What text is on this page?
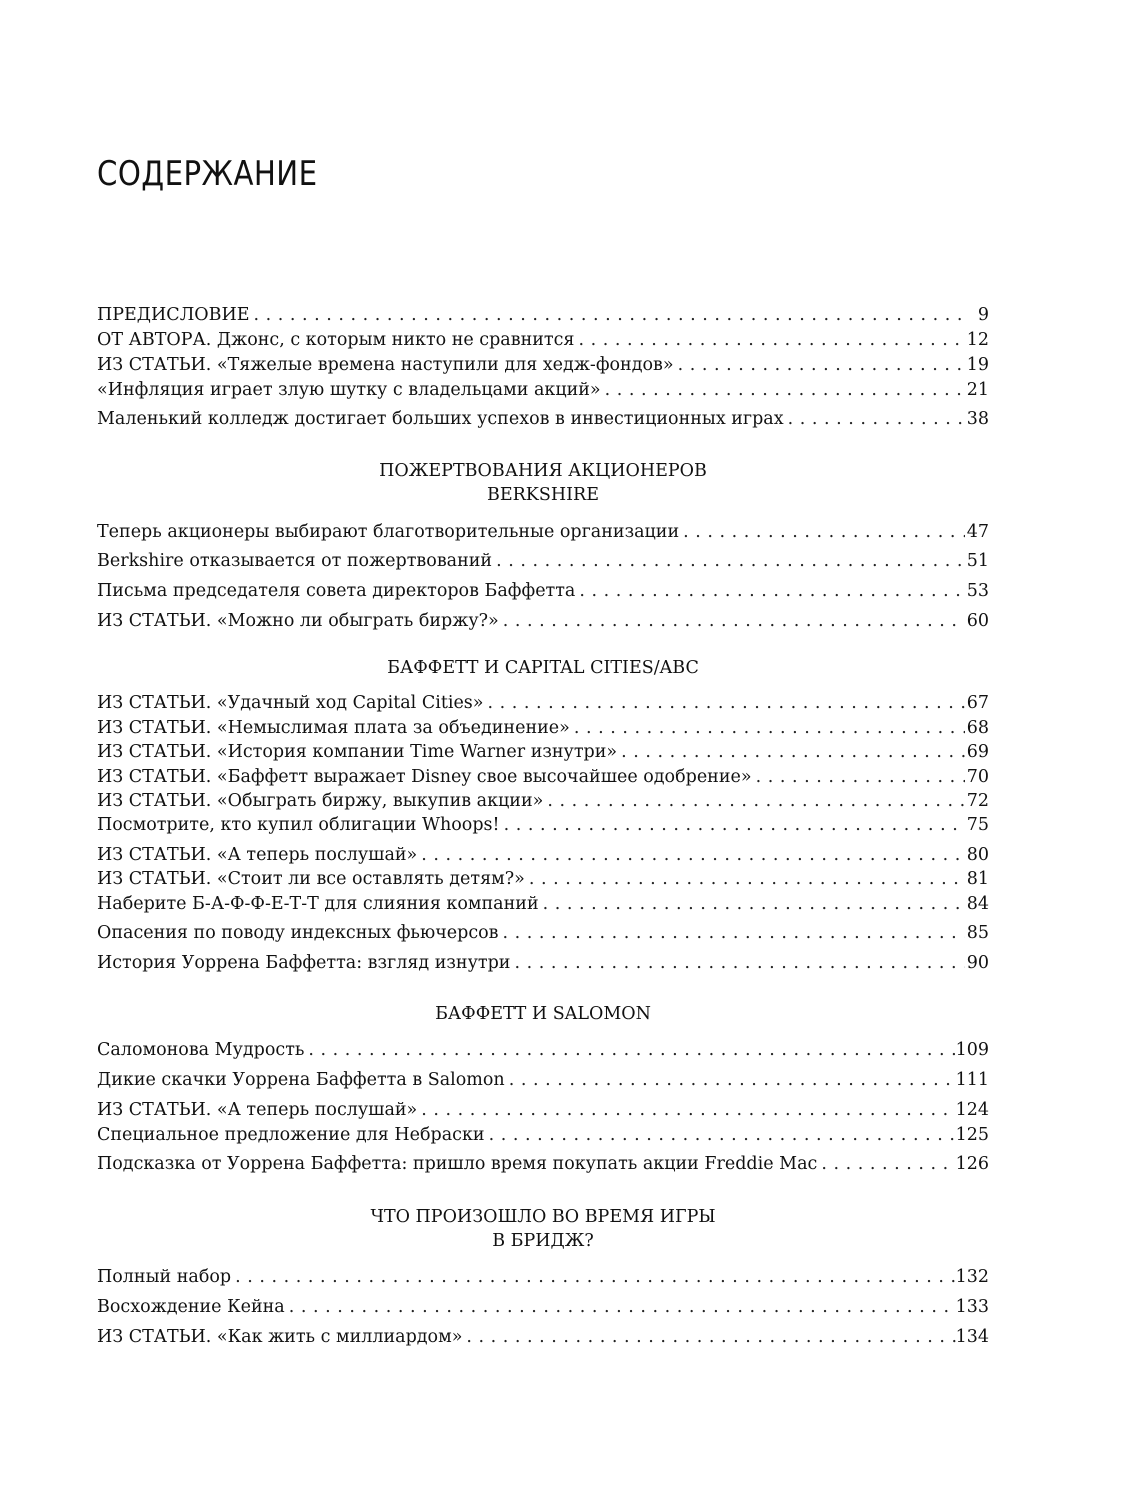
СОДЕРЖАНИЕ
ПРЕДИСЛОВИЕ . . .	9
ОТ АВТОРА. Джонс, с которым никто не сравнится . . .	12
ИЗ СТАТЬИ. «Тяжелые времена наступили для хедж-фондов» . . .	19
«Инфляция играет злую шутку с владельцами акций» . . .	21
Маленький колледж достигает больших успехов в инвестиционных играх . . .	38
ПОЖЕРТВОВАНИЯ АКЦИОНЕРОВ
BERKSHIRE
Теперь акционеры выбирают благотворительные организации . . .	47
Berkshire отказывается от пожертвований . . .	51
Письма председателя совета директоров Баффетта . . .	53
ИЗ СТАТЬИ. «Можно ли обыграть биржу?» . . .	60
БАФФЕТТ И CAPITAL CITIES/ABC
ИЗ СТАТЬИ. «Удачный ход Capital Cities» . . .	67
ИЗ СТАТЬИ. «Немыслимая плата за объединение» . . .	68
ИЗ СТАТЬИ. «История компании Time Warner изнутри» . . .	69
ИЗ СТАТЬИ. «Баффетт выражает Disney свое высочайшее одобрение» . . .	70
ИЗ СТАТЬИ. «Обыграть биржу, выкупив акции» . . .	72
Посмотрите, кто купил облигации Whoops! . . .	75
ИЗ СТАТЬИ. «А теперь послушай» . . .	80
ИЗ СТАТЬИ. «Стоит ли все оставлять детям?» . . .	81
Наберите Б-А-Ф-Ф-Е-Т-Т для слияния компаний . . .	84
Опасения по поводу индексных фьючерсов . . .	85
История Уоррена Баффетта: взгляд изнутри . . .	90
БАФФЕТТ И SALOMON
Саломонова Мудрость . . .	109
Дикие скачки Уоррена Баффетта в Salomon . . .	111
ИЗ СТАТЬИ. «А теперь послушай» . . .	124
Специальное предложение для Небраски . . .	125
Подсказка от Уоррена Баффетта: пришло время покупать акции Freddie Mac . . .	126
ЧТО ПРОИЗОШЛО ВО ВРЕМЯ ИГРЫ
В БРИДЖ?
Полный набор . . .	132
Восхождение Кейна . . .	133
ИЗ СТАТЬИ. «Как жить с миллиардом» . . .	134
